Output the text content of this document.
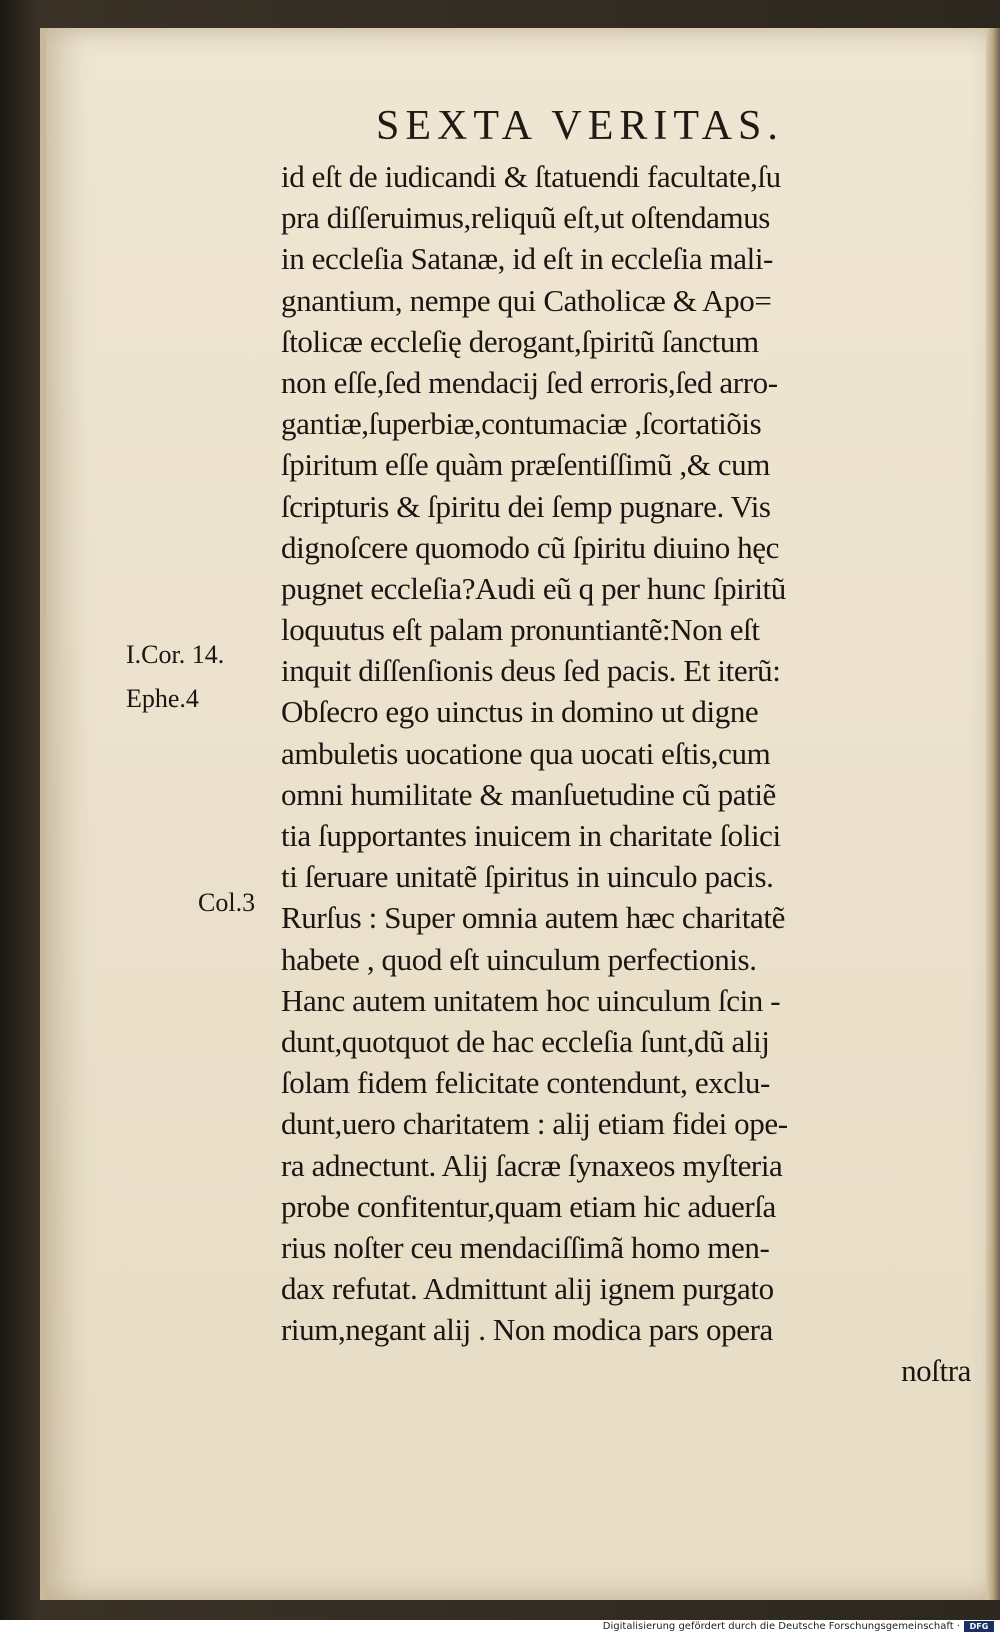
SEXTA VERITAS.
id eſt de iudicandi & ſtatuendi facultate,ſu
pra diſſeruimus,reliquũ eſt,ut oſtendamus
in eccleſia Satanæ, id eſt in eccleſia mali‑
gnantium, nempe qui Catholicæ & Apo=
ſtolicæ eccleſię derogant,ſpiritũ ſanctum
non eſſe,ſed mendacij ſed erroris,ſed arro‑
gantiæ,ſuperbiæ,contumaciæ ,ſcortatiõis
ſpiritum eſſe quàm præſentiſſimũ ,& cum
ſcripturis & ſpiritu dei ſemp pugnare. Vis
dignoſcere quomodo cũ ſpiritu diuino hęc
pugnet eccleſia?Audi eũ q per hunc ſpiritũ
loquutus eſt palam pronuntiantẽ:Non eſt
inquit diſſenſionis deus ſed pacis. Et iterũ:
Obſecro ego uinctus in domino ut digne
ambuletis uocatione qua uocati eſtis,cum
omni humilitate & manſuetudine cũ patiẽ
tia ſupportantes inuicem in charitate ſolici
ti ſeruare unitatẽ ſpiritus in uinculo pacis.
Rurſus : Super omnia autem hæc charitatẽ
habete , quod eſt uinculum perfectionis.
Hanc autem unitatem hoc uinculum ſcin ‑
dunt,quotquot de hac eccleſia ſunt,dũ alij
ſolam fidem felicitate contendunt, exclu‑
dunt,uero charitatem : alij etiam fidei ope‑
ra adnectunt. Alij ſacræ ſynaxeos myſteria
probe confitentur,quam etiam hic aduerſa
rius noſter ceu mendaciſſimã homo men‑
dax refutat. Admittunt alij ignem purgato
rium,negant alij . Non modica pars opera
noſtra
I.Cor. 14.
Ephe.4
Col.3
Digitalisierung gefördert durch die Deutsche Forschungsgemeinschaft ·	DFG
